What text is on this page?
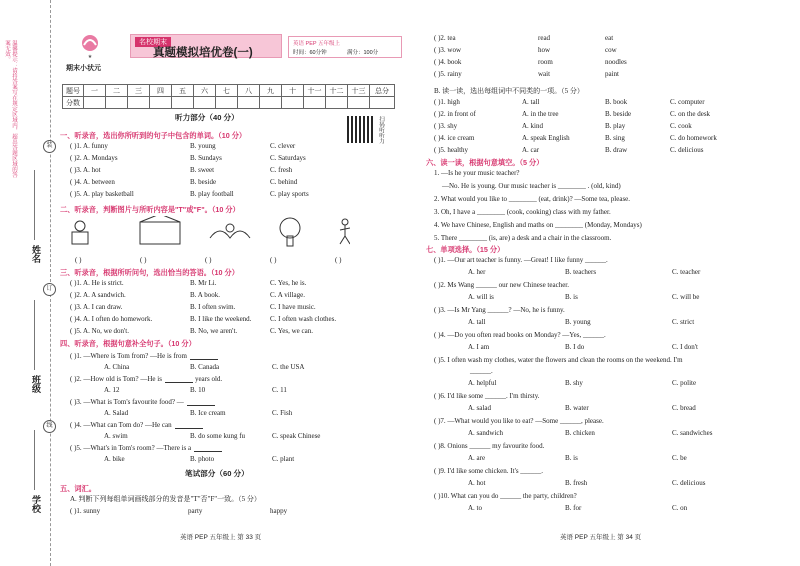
温馨提示：请将答案写在规定区域内，超出答题区域的答案无效。
姓名
班级
学校
装
订
线
★
期末小状元
名校期末
真题模拟培优卷(一)
英语 PEP 五年级上
时间：60分钟	满分：100分
题号	一	二	三	四	五	六	七	八	九	十	十一	十二	十三	总分
分数														
听力部分（40 分）	扫码听听力
一、听录音，选出你所听到的句子中包含的单词。（10 分）
( )1. A. funny	B. young	C. clever
( )2. A. Mondays	B. Sundays	C. Saturdays
( )3. A. hot	B. sweet	C. fresh
( )4. A. between	B. beside	C. behind
( )5. A. play basketball	B. play football	C. play sports
二、听录音，判断图片与所听内容是"T"或"F"。（10 分）
( )	( )	( )	( )	( )
三、听录音，根据所听问句，选出恰当的答语。（10 分）
( )1. A. He is strict.	B. Mr Li.	C. Yes, he is.
( )2. A. A sandwich.	B. A book.	C. A village.
( )3. A. I can draw.	B. I often swim.	C. I have music.
( )4. A. I often do homework.	B. I like the weekend.	C. I often wash clothes.
( )5. A. No, we don't.	B. No, we aren't.	C. Yes, we can.
四、听录音，根据句意补全句子。（10 分）
( )1. —Where is Tom from? —He is from
A. China	B. Canada	C. the USA
( )2. —How old is Tom? —He is	years old.
A. 12	B. 10	C. 11
( )3. —What is Tom's favourite food? —
A. Salad	B. Ice cream	C. Fish
( )4. —What can Tom do? —He can
A. swim	B. do some kung fu	C. speak Chinese
( )5. —What's in Tom's room? —There is a
A. bike	B. photo	C. plant
笔试部分（60 分）
五、词汇。
A. 判断下列每组单词画线部分的发音是"T"否"F"一致。（5 分）
( )1. sunny	party	happy
英语 PEP 五年级上 第 33 页
( )2. tea	read	eat
( )3. wow	how	cow
( )4. book	room	noodles
( )5. rainy	wait	paint
B. 读一读，选出每组词中不同类的一项。（5 分）
( )1. high	A. tall	B. book	C. computer
( )2. in front of	A. in the tree	B. beside	C. on the desk
( )3. shy	A. kind	B. play	C. cook
( )4. ice cream	A. speak English	B. sing	C. do homework
( )5. healthy	A. car	B. draw	C. delicious
六、读一读，根据句意填空。（5 分）
1. —Is he your music teacher?
—No. He is young. Our music teacher is ________ . (old, kind)
2. What would you like to ________ (eat, drink)? —Some tea, please.
3. Oh, I have a ________ (cook, cooking) class with my father.
4. We have Chinese, English and maths on ________ (Monday, Mondays)
5. There ________ (is, are) a desk and a chair in the classroom.
七、单项选择。（15 分）
( )1. —Our art teacher is funny. —Great! I like funny ______.
A. her	B. teachers	C. teacher
( )2. Ms Wang ______ our new Chinese teacher.
A. will is	B. is	C. will be
( )3. —Is Mr Yang ______? —No, he is funny.
A. tall	B. young	C. strict
( )4. —Do you often read books on Monday? —Yes, ______.
A. I am	B. I do	C. I don't
( )5. I often wash my clothes, water the flowers and clean the rooms on the weekend. I'm
______.
A. helpful	B. shy	C. polite
( )6. I'd like some ______. I'm thirsty.
A. salad	B. water	C. bread
( )7. —What would you like to eat? —Some ______, please.
A. sandwich	B. chicken	C. sandwiches
( )8. Onions ______ my favourite food.
A. are	B. is	C. be
( )9. I'd like some chicken. It's ______.
A. hot	B. fresh	C. delicious
( )10. What can you do ______ the party, children?
A. to	B. for	C. on
英语 PEP 五年级上 第 34 页
